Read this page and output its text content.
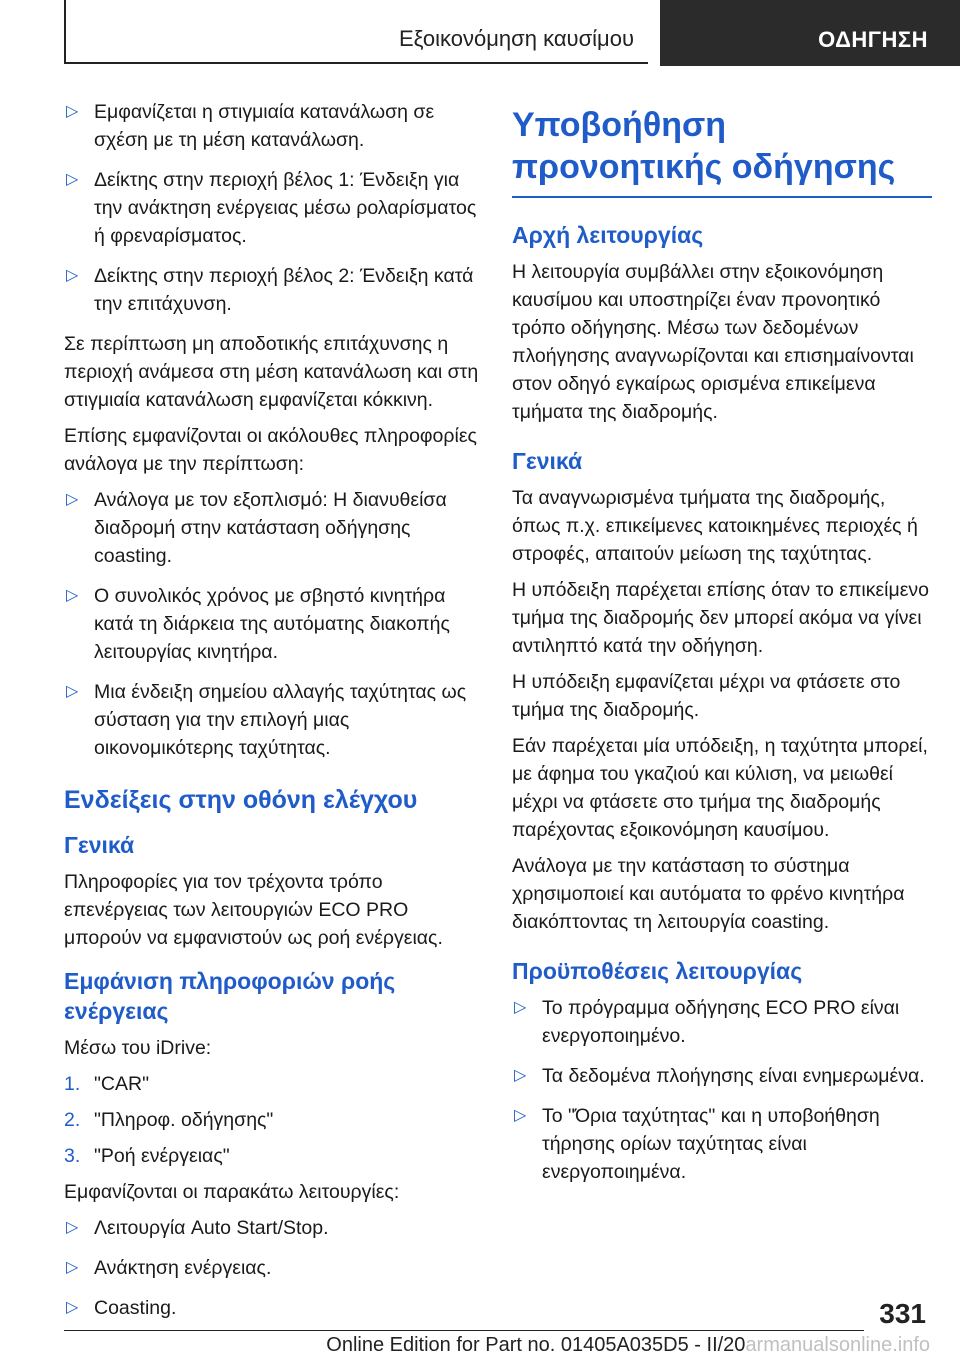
Εξοικονόμηση καυσίμου	ΟΔΗΓΗΣΗ
▷ Εμφανίζεται η στιγμιαία κατανάλωση σε σχέση με τη μέση κατανάλωση.
▷ Δείκτης στην περιοχή βέλος 1: Ένδειξη για την ανάκτηση ενέργειας μέσω ρολαρίσματος ή φρεναρίσματος.
▷ Δείκτης στην περιοχή βέλος 2: Ένδειξη κατά την επιτάχυνση.

Σε περίπτωση μη αποδοτικής επιτάχυνσης η περιοχή ανάμεσα στη μέση κατανάλωση και στη στιγμιαία κατανάλωση εμφανίζεται κόκκινη.

Επίσης εμφανίζονται οι ακόλουθες πληροφορίες ανάλογα με την περίπτωση:

▷ Ανάλογα με τον εξοπλισμό: Η διανυθείσα διαδρομή στην κατάσταση οδήγησης coasting.
▷ Ο συνολικός χρόνος με σβηστό κινητήρα κατά τη διάρκεια της αυτόματης διακοπής λειτουργίας κινητήρα.
▷ Μια ένδειξη σημείου αλλαγής ταχύτητας ως σύσταση για την επιλογή μιας οικονομικότερης ταχύτητας.
Ενδείξεις στην οθόνη ελέγχου
Γενικά

Πληροφορίες για τον τρέχοντα τρόπο επενέργειας των λειτουργιών ECO PRO μπορούν να εμφανιστούν ως ροή ενέργειας.

Εμφάνιση πληροφοριών ροής ενέργειας

Μέσω του iDrive:

1. "CAR"
2. "Πληροφ. οδήγησης"
3. "Ροή ενέργειας"

Εμφανίζονται οι παρακάτω λειτουργίες:

▷ Λειτουργία Auto Start/Stop.
▷ Ανάκτηση ενέργειας.
▷ Coasting.
Υποβοήθηση προνοητικής οδήγησης
Αρχή λειτουργίας

Η λειτουργία συμβάλλει στην εξοικονόμηση καυσίμου και υποστηρίζει έναν προνοητικό τρόπο οδήγησης. Μέσω των δεδομένων πλοήγησης αναγνωρίζονται και επισημαίνονται στον οδηγό εγκαίρως ορισμένα επικείμενα τμήματα της διαδρομής.

Γενικά

Τα αναγνωρισμένα τμήματα της διαδρομής, όπως π.χ. επικείμενες κατοικημένες περιοχές ή στροφές, απαιτούν μείωση της ταχύτητας.

Η υπόδειξη παρέχεται επίσης όταν το επικείμενο τμήμα της διαδρομής δεν μπορεί ακόμα να γίνει αντιληπτό κατά την οδήγηση.

Η υπόδειξη εμφανίζεται μέχρι να φτάσετε στο τμήμα της διαδρομής.

Εάν παρέχεται μία υπόδειξη, η ταχύτητα μπορεί, με άφημα του γκαζιού και κύλιση, να μειωθεί μέχρι να φτάσετε στο τμήμα της διαδρομής παρέχοντας εξοικονόμηση καυσίμου.

Ανάλογα με την κατάσταση το σύστημα χρησιμοποιεί και αυτόματα το φρένο κινητήρα διακόπτοντας τη λειτουργία coasting.

Προϋποθέσεις λειτουργίας
▷ Το πρόγραμμα οδήγησης ECO PRO είναι ενεργοποιημένο.
▷ Τα δεδομένα πλοήγησης είναι ενημερωμένα.
▷ Το "Όρια ταχύτητας" και η υποβοήθηση τήρησης ορίων ταχύτητας είναι ενεργοποιημένα.
331
Online Edition for Part no. 01405A035D5 - II/20armanualsonline.info
